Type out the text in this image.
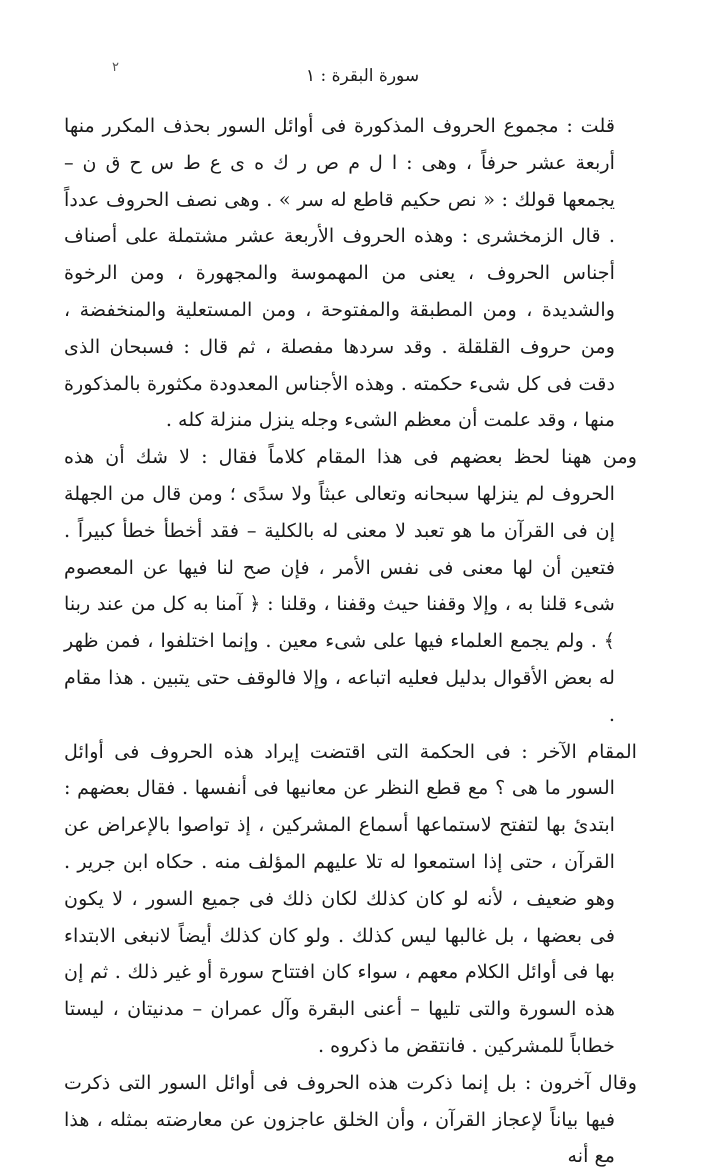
٢	سورة البقرة : ١

قلت : مجموع الحروف المذكورة فى أوائل السور بحذف المكرر منها أربعة عشر حرفاً ، وهى : ا ل م ص ر ك ه ى ع ط س ح ق ن – يجمعها قولك : « نص حكيم قاطع له سر » . وهى نصف الحروف عدداً . قال الزمخشرى : وهذه الحروف الأربعة عشر مشتملة على أصناف أجناس الحروف ، يعنى من المهموسة والمجهورة ، ومن الرخوة والشديدة ، ومن المطبقة والمفتوحة ، ومن المستعلية والمنخفضة ، ومن حروف القلقلة . وقد سردها مفصلة ، ثم قال : فسبحان الذى دقت فى كل شىء حكمته . وهذه الأجناس المعدودة مكثورة بالمذكورة منها ، وقد علمت أن معظم الشىء وجله ينزل منزلة كله .

ومن ههنا لحظ بعضهم فى هذا المقام كلاماً فقال : لا شك أن هذه الحروف لم ينزلها سبحانه وتعالى عبثاً ولا سدًى ؛ ومن قال من الجهلة إن فى القرآن ما هو تعبد لا معنى له بالكلية – فقد أخطأ خطأ كبيراً . فتعين أن لها معنى فى نفس الأمر ، فإن صح لنا فيها عن المعصوم شىء قلنا به ، وإلا وقفنا حيث وقفنا ، وقلنا : ﴿ آمنا به كل من عند ربنا ﴾ . ولم يجمع العلماء فيها على شىء معين . وإنما اختلفوا ، فمن ظهر له بعض الأقوال بدليل فعليه اتباعه ، وإلا فالوقف حتى يتبين . هذا مقام .

المقام الآخر : فى الحكمة التى اقتضت إيراد هذه الحروف فى أوائل السور ما هى ؟ مع قطع النظر عن معانيها فى أنفسها . فقال بعضهم : ابتدئ بها لتفتح لاستماعها أسماع المشركين ، إذ تواصوا بالإعراض عن القرآن ، حتى إذا استمعوا له تلا عليهم المؤلف منه . حكاه ابن جرير . وهو ضعيف ، لأنه لو كان كذلك لكان ذلك فى جميع السور ، لا يكون فى بعضها ، بل غالبها ليس كذلك . ولو كان كذلك أيضاً لانبغى الابتداء بها فى أوائل الكلام معهم ، سواء كان افتتاح سورة أو غير ذلك . ثم إن هذه السورة والتى تليها – أعنى البقرة وآل عمران – مدنيتان ، ليستا خطاباً للمشركين . فانتقض ما ذكروه .

وقال آخرون : بل إنما ذكرت هذه الحروف فى أوائل السور التى ذكرت فيها بياناً لإعجاز القرآن ، وأن الخلق عاجزون عن معارضته بمثله ، هذا مع أنه
